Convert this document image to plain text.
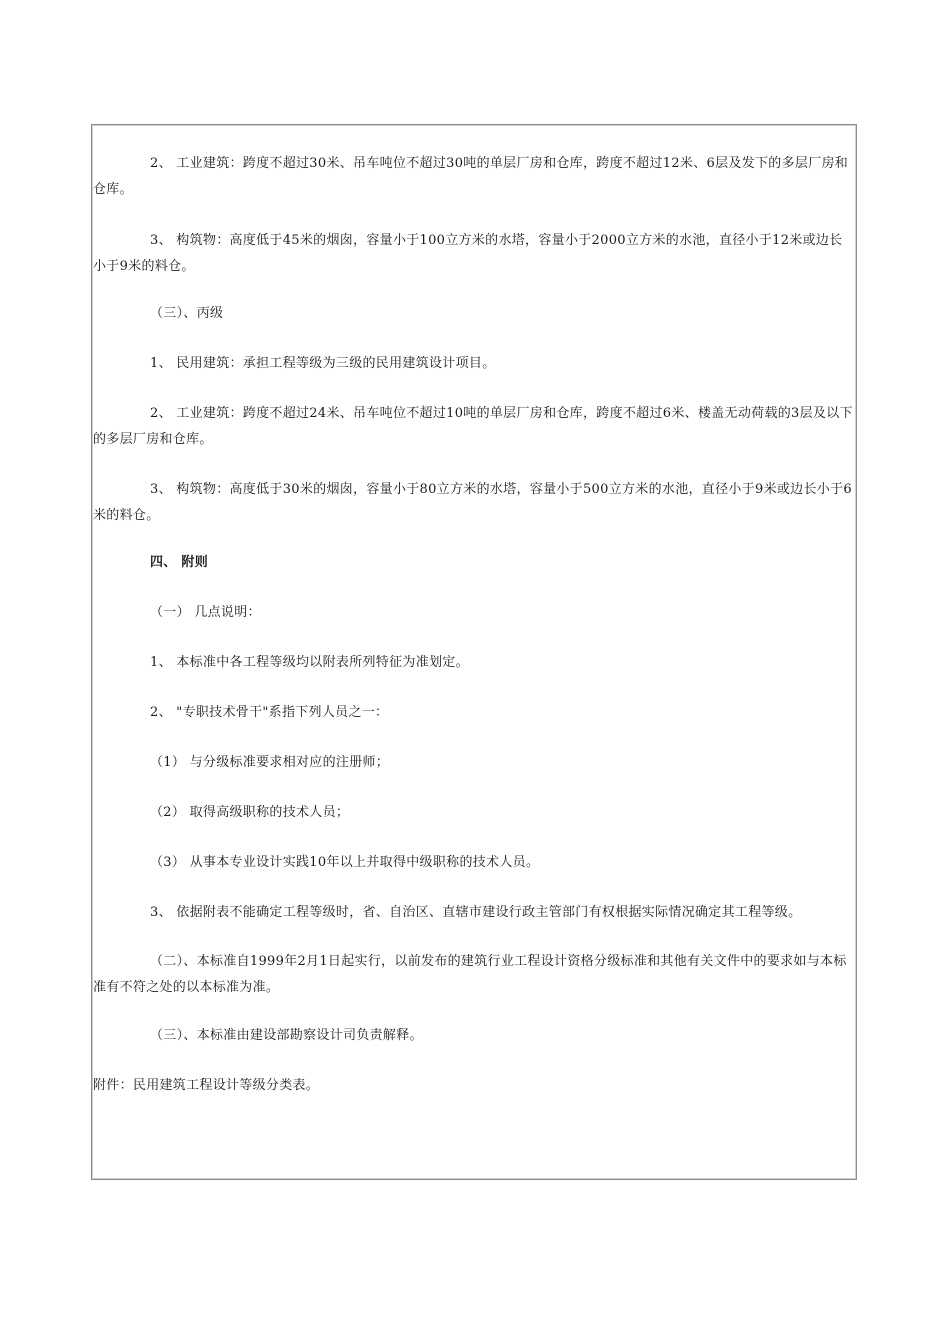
2、 工业建筑：跨度不超过30米、吊车吨位不超过30吨的单层厂房和仓库，跨度不超过12米、6层及发下的多层厂房和仓库。

3、 构筑物：高度低于45米的烟囱，容量小于100立方米的水塔，容量小于2000立方米的水池，直径小于12米或边长小于9米的料仓。

（三）、丙级

1、 民用建筑：承担工程等级为三级的民用建筑设计项目。

2、 工业建筑：跨度不超过24米、吊车吨位不超过10吨的单层厂房和仓库，跨度不超过6米、楼盖无动荷载的3层及以下的多层厂房和仓库。

3、 构筑物：高度低于30米的烟囱，容量小于80立方米的水塔，容量小于500立方米的水池，直径小于9米或边长小于6米的料仓。

四、 附则

（一） 几点说明：

1、 本标准中各工程等级均以附表所列特征为准划定。

2、 "专职技术骨干"系指下列人员之一：

（1） 与分级标准要求相对应的注册师；

（2） 取得高级职称的技术人员；

（3） 从事本专业设计实践10年以上并取得中级职称的技术人员。

3、 依据附表不能确定工程等级时，省、自治区、直辖市建设行政主管部门有权根据实际情况确定其工程等级。

（二）、本标准自1999年2月1日起实行，以前发布的建筑行业工程设计资格分级标准和其他有关文件中的要求如与本标准有不符之处的以本标准为准。

（三）、本标准由建设部勘察设计司负责解释。

附件：民用建筑工程设计等级分类表。
